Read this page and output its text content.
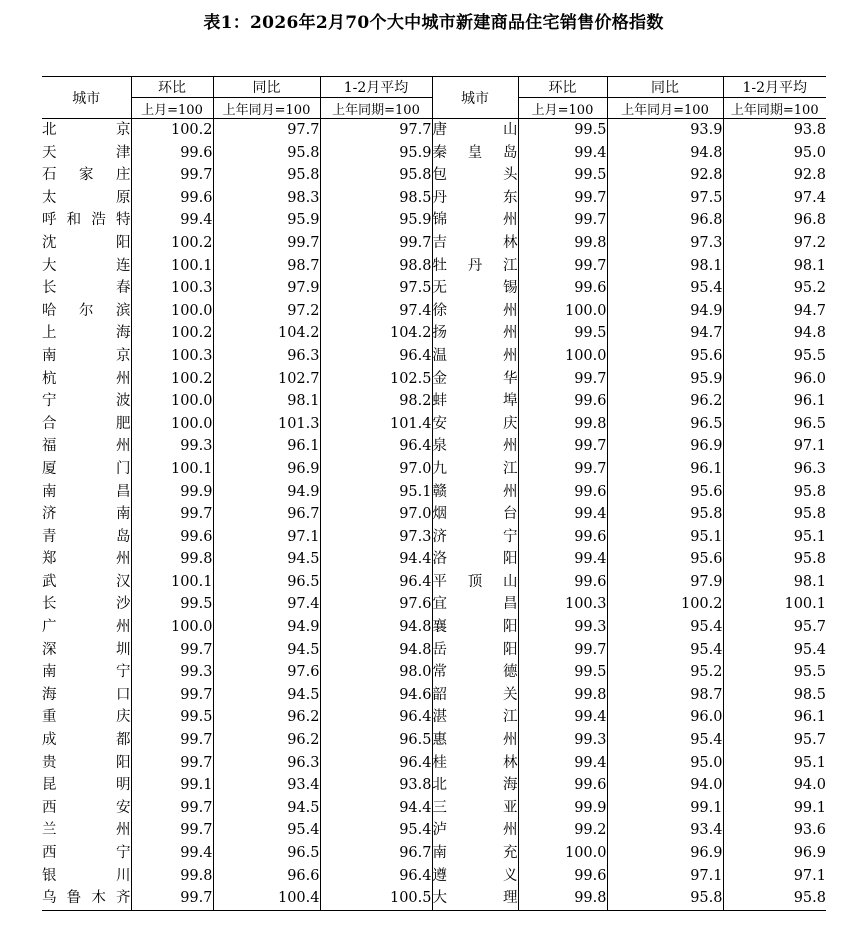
表1：2026年2月70个大中城市新建商品住宅销售价格指数
城市	环比	同比	1-2月平均	城市	环比	同比	1-2月平均
	上月=100	上年同月=100	上年同期=100		上月=100	上年同月=100	上年同期=100
北京	100.2	97.7	97.7	唐山	99.5	93.9	93.8
天津	99.6	95.8	95.9	秦皇岛	99.4	94.8	95.0
石家庄	99.7	95.8	95.8	包头	99.5	92.8	92.8
太原	99.6	98.3	98.5	丹东	99.7	97.5	97.4
呼和浩特	99.4	95.9	95.9	锦州	99.7	96.8	96.8
沈阳	100.2	99.7	99.7	吉林	99.8	97.3	97.2
大连	100.1	98.7	98.8	牡丹江	99.7	98.1	98.1
长春	100.3	97.9	97.5	无锡	99.6	95.4	95.2
哈尔滨	100.0	97.2	97.4	徐州	100.0	94.9	94.7
上海	100.2	104.2	104.2	扬州	99.5	94.7	94.8
南京	100.3	96.3	96.4	温州	100.0	95.6	95.5
杭州	100.2	102.7	102.5	金华	99.7	95.9	96.0
宁波	100.0	98.1	98.2	蚌埠	99.6	96.2	96.1
合肥	100.0	101.3	101.4	安庆	99.8	96.5	96.5
福州	99.3	96.1	96.4	泉州	99.7	96.9	97.1
厦门	100.1	96.9	97.0	九江	99.7	96.1	96.3
南昌	99.9	94.9	95.1	赣州	99.6	95.6	95.8
济南	99.7	96.7	97.0	烟台	99.4	95.8	95.8
青岛	99.6	97.1	97.3	济宁	99.6	95.1	95.1
郑州	99.8	94.5	94.4	洛阳	99.4	95.6	95.8
武汉	100.1	96.5	96.4	平顶山	99.6	97.9	98.1
长沙	99.5	97.4	97.6	宜昌	100.3	100.2	100.1
广州	100.0	94.9	94.8	襄阳	99.3	95.4	95.7
深圳	99.7	94.5	94.8	岳阳	99.7	95.4	95.4
南宁	99.3	97.6	98.0	常德	99.5	95.2	95.5
海口	99.7	94.5	94.6	韶关	99.8	98.7	98.5
重庆	99.5	96.2	96.4	湛江	99.4	96.0	96.1
成都	99.7	96.2	96.5	惠州	99.3	95.4	95.7
贵阳	99.7	96.3	96.4	桂林	99.4	95.0	95.1
昆明	99.1	93.4	93.8	北海	99.6	94.0	94.0
西安	99.7	94.5	94.4	三亚	99.9	99.1	99.1
兰州	99.7	95.4	95.4	泸州	99.2	93.4	93.6
西宁	99.4	96.5	96.7	南充	100.0	96.9	96.9
银川	99.8	96.6	96.4	遵义	99.6	97.1	97.1
乌鲁木齐	99.7	100.4	100.5	大理	99.8	95.8	95.8
